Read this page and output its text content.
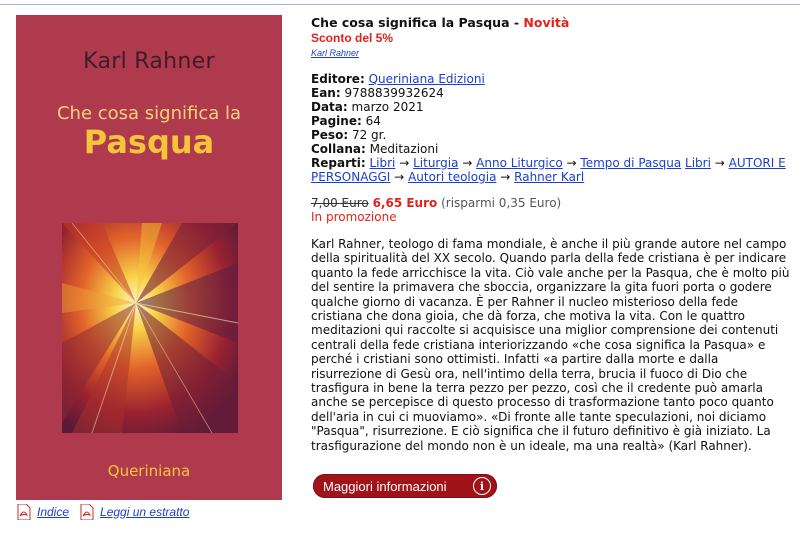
Karl Rahner
Che cosa significa la
Pasqua
Queriniana
Indice	Leggi un estratto
Che cosa significa la Pasqua - Novità
Sconto del 5%
Karl Rahner
Editore: Queriniana Edizioni
Ean: 9788839932624
Data: marzo 2021
Pagine: 64
Peso: 72 gr.
Collana: Meditazioni
Reparti: Libri → Liturgia → Anno Liturgico → Tempo di Pasqua Libri → AUTORI E PERSONAGGI → Autori teologia → Rahner Karl
7,00 Euro 6,65 Euro (risparmi 0,35 Euro)
In promozione
Karl Rahner, teologo di fama mondiale, è anche il più grande autore nel campo della spiritualità del XX secolo. Quando parla della fede cristiana è per indicare quanto la fede arricchisce la vita. Ciò vale anche per la Pasqua, che è molto più del sentire la primavera che sboccia, organizzare la gita fuori porta o godere qualche giorno di vacanza. È per Rahner il nucleo misterioso della fede cristiana che dona gioia, che dà forza, che motiva la vita. Con le quattro meditazioni qui raccolte si acquisisce una miglior comprensione dei contenuti centrali della fede cristiana interiorizzando «che cosa significa la Pasqua» e perché i cristiani sono ottimisti. Infatti «a partire dalla morte e dalla risurrezione di Gesù ora, nell'intimo della terra, brucia il fuoco di Dio che trasfigura in bene la terra pezzo per pezzo, così che il credente può amarla anche se percepisce di questo processo di trasformazione tanto poco quanto dell'aria in cui ci muoviamo». «Di fronte alle tante speculazioni, noi diciamo "Pasqua", risurrezione. E ciò significa che il futuro definitivo è già iniziato. La trasfigurazione del mondo non è un ideale, ma una realtà» (Karl Rahner).
Maggiori informazioni	i
